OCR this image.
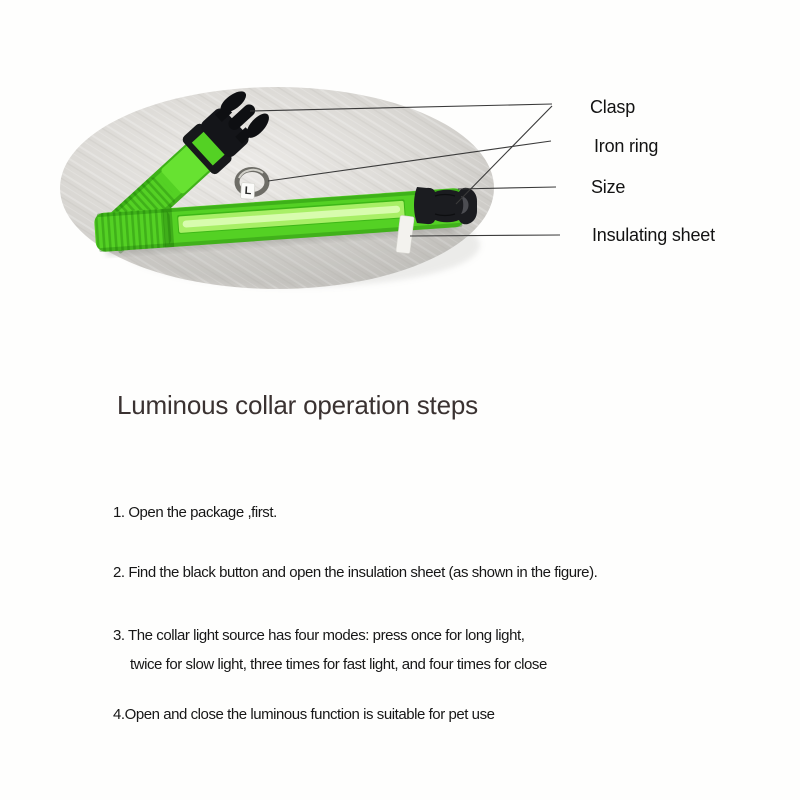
L
Clasp
Iron ring
Size
Insulating sheet
Luminous collar operation steps
1. Open the package ,first.
2. Find the black button and open the insulation sheet (as shown in the figure).
3. The collar light source has four modes: press once for long light,
twice for slow light, three times for fast light, and four times for close
4.Open and close the luminous function is suitable for pet use
